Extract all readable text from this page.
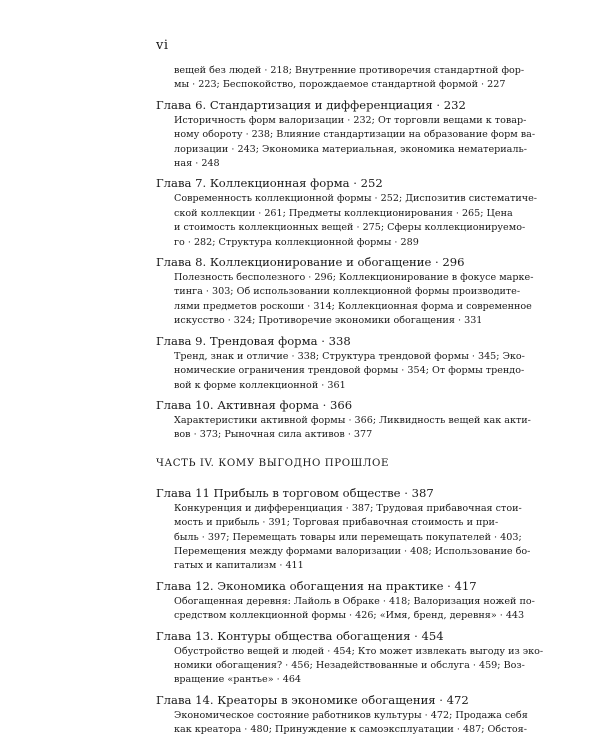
vi
вещей без людей · 218; Внутренние противоречия стандартной фор-
мы · 223; Беспокойство, порождаемое стандартной формой · 227
Глава 6. Стандартизация и дифференциация · 232
Историчность форм валоризации · 232; От торговли вещами к товар-
ному обороту · 238; Влияние стандартизации на образование форм ва-
лоризации · 243; Экономика материальная, экономика нематериаль-
ная · 248
Глава 7. Коллекционная форма · 252
Современность коллекционной формы · 252; Диспозитив систематиче-
ской коллекции · 261; Предметы коллекционирования · 265; Цена
и стоимость коллекционных вещей · 275; Сферы коллекционируемо-
го · 282; Структура коллекционной формы · 289
Глава 8. Коллекционирование и обогащение · 296
Полезность бесполезного · 296; Коллекционирование в фокусе марке-
тинга · 303; Об использовании коллекционной формы производите-
лями предметов роскоши · 314; Коллекционная форма и современное
искусство · 324; Противоречие экономики обогащения · 331
Глава 9. Трендовая форма · 338
Тренд, знак и отличие · 338; Структура трендовой формы · 345; Эко-
номические ограничения трендовой формы · 354; От формы трендо-
вой к форме коллекционной · 361
Глава 10. Активная форма · 366
Характеристики активной формы · 366; Ликвидность вещей как акти-
вов · 373; Рыночная сила активов · 377
ЧАСТЬ IV. КОМУ ВЫГОДНО ПРОШЛОЕ
Глава 11 Прибыль в торговом обществе · 387
Конкуренция и дифференциация · 387; Трудовая прибавочная стои-
мость и прибыль · 391; Торговая прибавочная стоимость и при-
быль · 397; Перемещать товары или перемещать покупателей · 403;
Перемещения между формами валоризации · 408; Использование бо-
гатых и капитализм · 411
Глава 12. Экономика обогащения на практике · 417
Обогащенная деревня: Лайоль в Обраке · 418; Валоризация ножей по-
средством коллекционной формы · 426; «Имя, бренд, деревня» · 443
Глава 13. Контуры общества обогащения · 454
Обустройство вещей и людей · 454; Кто может извлекать выгоду из эко-
номики обогащения? · 456; Незадействованные и обслуга · 459; Воз-
вращение «рантье» · 464
Глава 14. Креаторы в экономике обогащения · 472
Экономическое состояние работников культуры · 472; Продажа себя
как креатора · 480; Принуждение к самоэксплуатации · 487; Обстоя-
